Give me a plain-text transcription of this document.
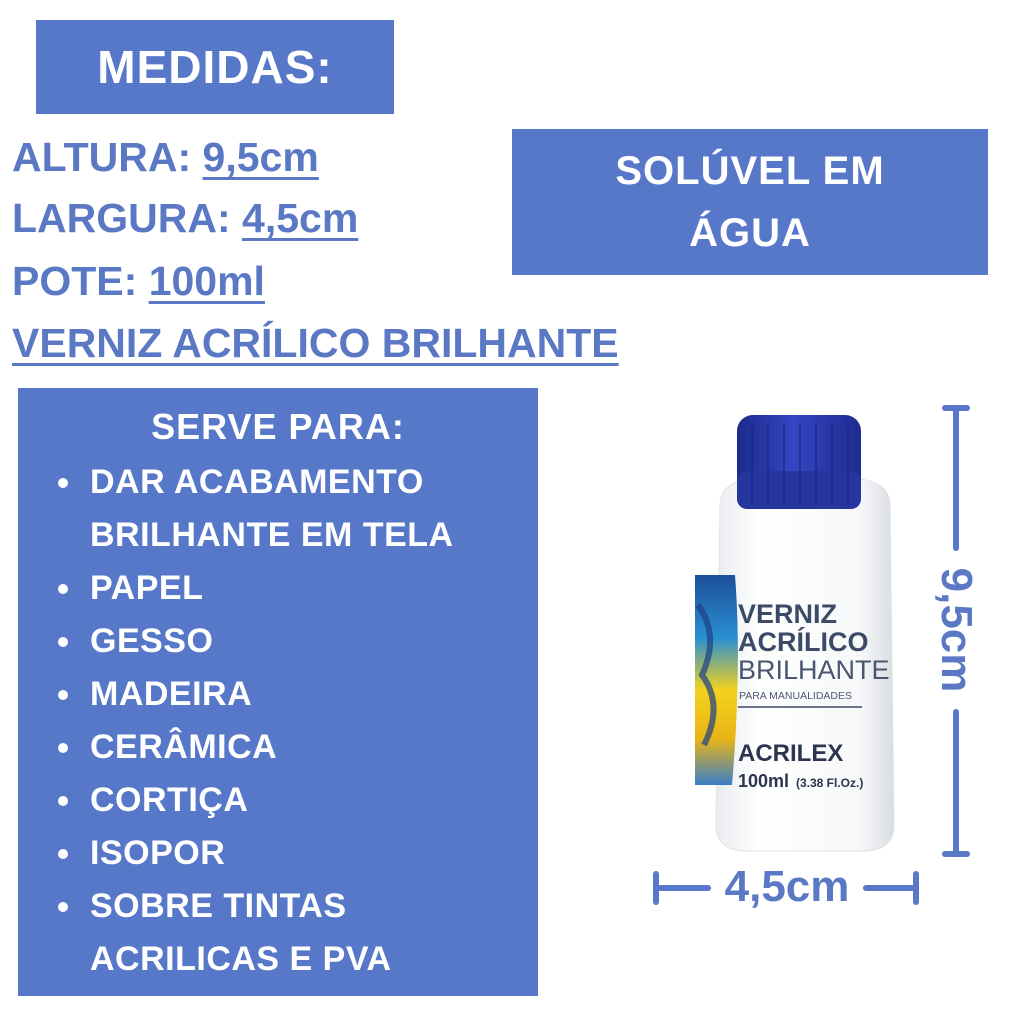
MEDIDAS:
ALTURA: 9,5cm
LARGURA: 4,5cm
POTE: 100ml
VERNIZ ACRÍLICO BRILHANTE
SOLÚVEL EM
ÁGUA
SERVE PARA:
DAR ACABAMENTO BRILHANTE EM TELA
PAPEL
GESSO
MADEIRA
CERÂMICA
CORTIÇA
ISOPOR
SOBRE TINTAS ACRILICAS E PVA
VERNIZ
ACRÍLICO
BRILHANTE
PARA MANUALIDADES
ACRILEX
100ml (3.38 Fl.Oz.)
9,5cm
4,5cm
